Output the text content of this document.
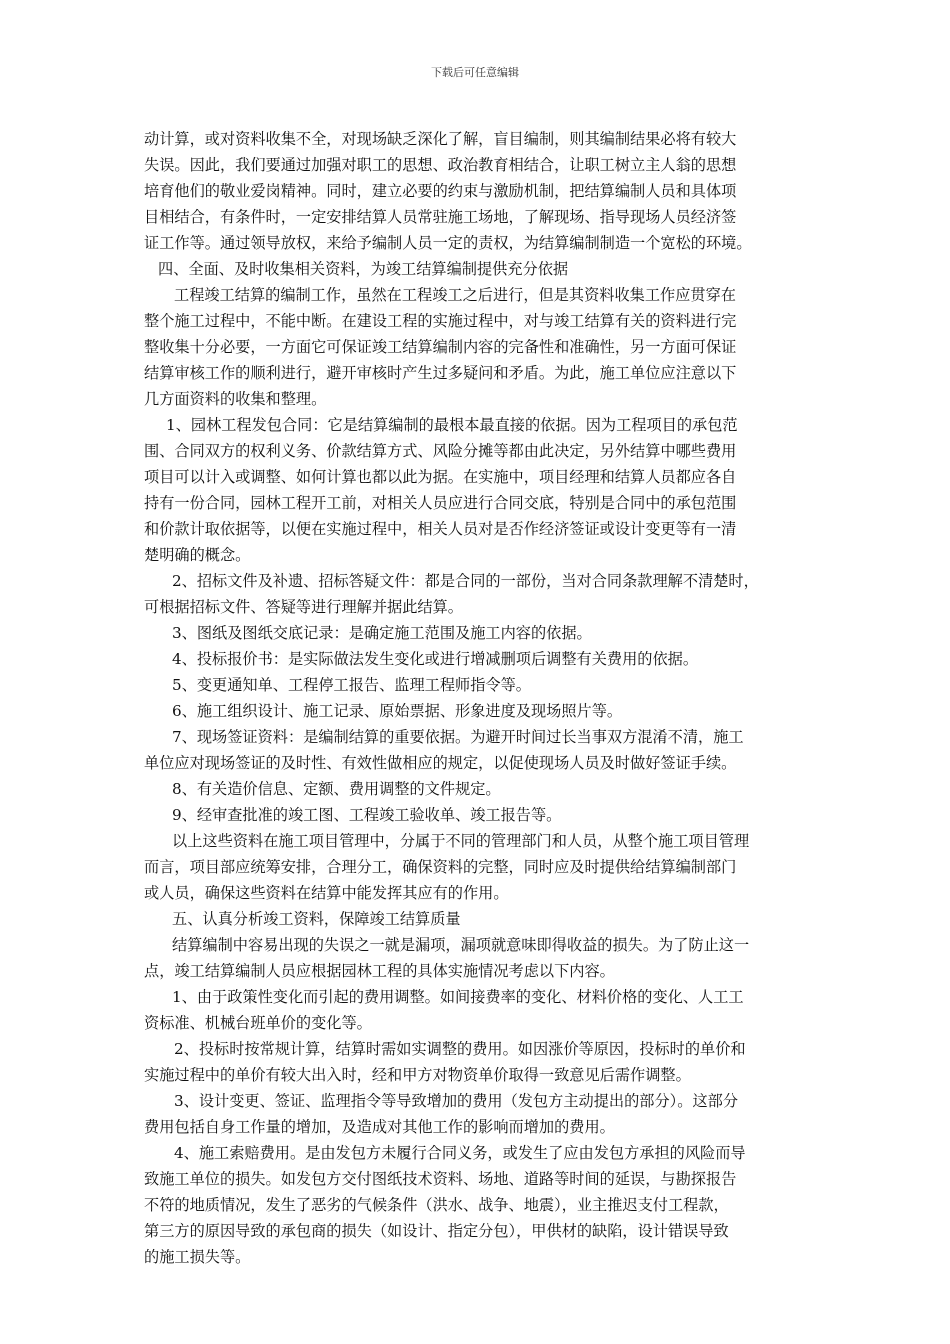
下载后可任意编辑
动计算，或对资料收集不全，对现场缺乏深化了解，盲目编制，则其编制结果必将有较大
失误。因此，我们要通过加强对职工的思想、政治教育相结合，让职工树立主人翁的思想
培育他们的敬业爱岗精神。同时，建立必要的约束与激励机制，把结算编制人员和具体项
目相结合，有条件时，一定安排结算人员常驻施工场地，了解现场、指导现场人员经济签
证工作等。通过领导放权，来给予编制人员一定的责权，为结算编制制造一个宽松的环境。
四、全面、及时收集相关资料，为竣工结算编制提供充分依据
工程竣工结算的编制工作，虽然在工程竣工之后进行，但是其资料收集工作应贯穿在
整个施工过程中，不能中断。在建设工程的实施过程中，对与竣工结算有关的资料进行完
整收集十分必要，一方面它可保证竣工结算编制内容的完备性和准确性，另一方面可保证
结算审核工作的顺利进行，避开审核时产生过多疑问和矛盾。为此，施工单位应注意以下
几方面资料的收集和整理。
1、园林工程发包合同：它是结算编制的最根本最直接的依据。因为工程项目的承包范
围、合同双方的权利义务、价款结算方式、风险分摊等都由此决定，另外结算中哪些费用
项目可以计入或调整、如何计算也都以此为据。在实施中，项目经理和结算人员都应各自
持有一份合同，园林工程开工前，对相关人员应进行合同交底，特别是合同中的承包范围
和价款计取依据等，以便在实施过程中，相关人员对是否作经济签证或设计变更等有一清
楚明确的概念。
2、招标文件及补遗、招标答疑文件：都是合同的一部份，当对合同条款理解不清楚时，
可根据招标文件、答疑等进行理解并据此结算。
3、图纸及图纸交底记录：是确定施工范围及施工内容的依据。
4、投标报价书：是实际做法发生变化或进行增减删项后调整有关费用的依据。
5、变更通知单、工程停工报告、监理工程师指令等。
6、施工组织设计、施工记录、原始票据、形象进度及现场照片等。
7、现场签证资料：是编制结算的重要依据。为避开时间过长当事双方混淆不清，施工
单位应对现场签证的及时性、有效性做相应的规定，以促使现场人员及时做好签证手续。
8、有关造价信息、定额、费用调整的文件规定。
9、经审查批准的竣工图、工程竣工验收单、竣工报告等。
以上这些资料在施工项目管理中，分属于不同的管理部门和人员，从整个施工项目管理
而言，项目部应统筹安排，合理分工，确保资料的完整，同时应及时提供给结算编制部门
或人员，确保这些资料在结算中能发挥其应有的作用。
五、认真分析竣工资料，保障竣工结算质量
结算编制中容易出现的失误之一就是漏项，漏项就意味即得收益的损失。为了防止这一
点，竣工结算编制人员应根据园林工程的具体实施情况考虑以下内容。
1、由于政策性变化而引起的费用调整。如间接费率的变化、材料价格的变化、人工工
资标准、机械台班单价的变化等。
2、投标时按常规计算，结算时需如实调整的费用。如因涨价等原因，投标时的单价和
实施过程中的单价有较大出入时，经和甲方对物资单价取得一致意见后需作调整。
3、设计变更、签证、监理指令等导致增加的费用（发包方主动提出的部分）。这部分
费用包括自身工作量的增加，及造成对其他工作的影响而增加的费用。
4、施工索赔费用。是由发包方未履行合同义务，或发生了应由发包方承担的风险而导
致施工单位的损失。如发包方交付图纸技术资料、场地、道路等时间的延误，与勘探报告
不符的地质情况，发生了恶劣的气候条件（洪水、战争、地震），业主推迟支付工程款，
第三方的原因导致的承包商的损失（如设计、指定分包），甲供材的缺陷，设计错误导致
的施工损失等。
